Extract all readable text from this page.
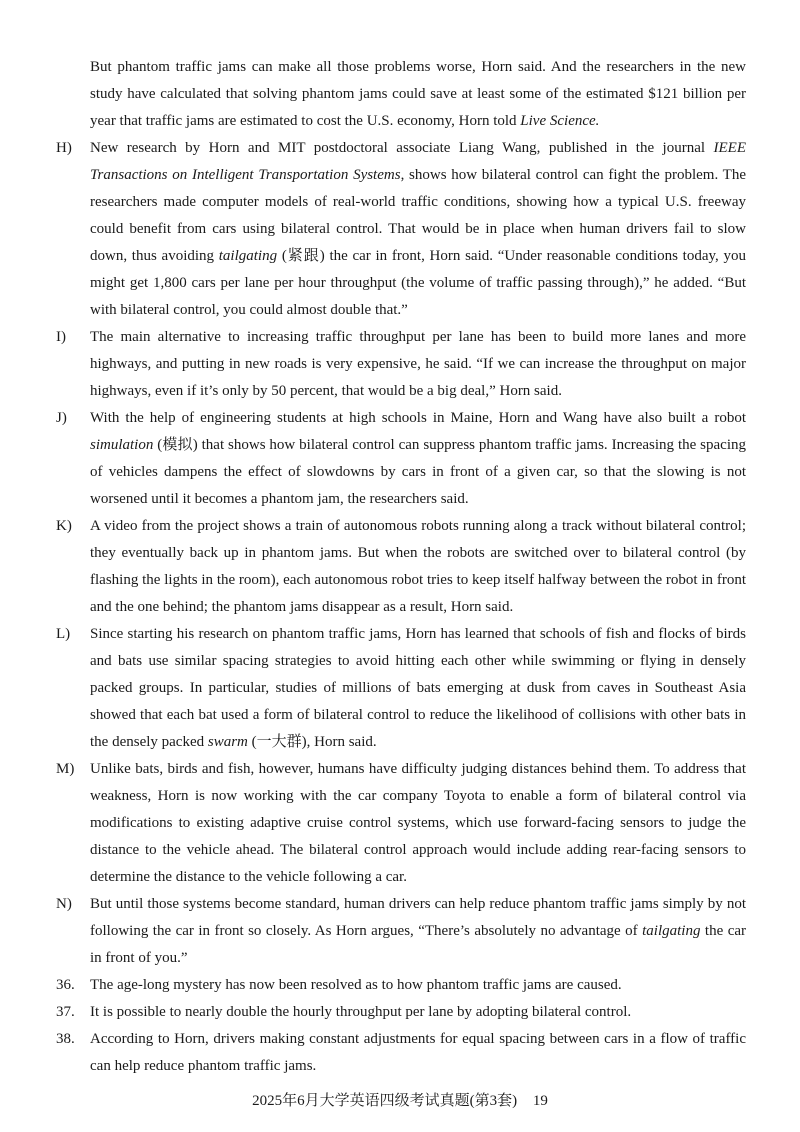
But phantom traffic jams can make all those problems worse, Horn said. And the researchers in the new study have calculated that solving phantom jams could save at least some of the estimated $121 billion per year that traffic jams are estimated to cost the U.S. economy, Horn told Live Science.

H) New research by Horn and MIT postdoctoral associate Liang Wang, published in the journal IEEE Transactions on Intelligent Transportation Systems, shows how bilateral control can fight the problem. The researchers made computer models of real-world traffic conditions, showing how a typical U.S. freeway could benefit from cars using bilateral control. That would be in place when human drivers fail to slow down, thus avoiding tailgating (紧跟) the car in front, Horn said. “Under reasonable conditions today, you might get 1,800 cars per lane per hour throughput (the volume of traffic passing through),” he added. “But with bilateral control, you could almost double that.”

I) The main alternative to increasing traffic throughput per lane has been to build more lanes and more highways, and putting in new roads is very expensive, he said. “If we can increase the throughput on major highways, even if it’s only by 50 percent, that would be a big deal,” Horn said.

J) With the help of engineering students at high schools in Maine, Horn and Wang have also built a robot simulation (模拟) that shows how bilateral control can suppress phantom traffic jams. Increasing the spacing of vehicles dampens the effect of slowdowns by cars in front of a given car, so that the slowing is not worsened until it becomes a phantom jam, the researchers said.

K) A video from the project shows a train of autonomous robots running along a track without bilateral control; they eventually back up in phantom jams. But when the robots are switched over to bilateral control (by flashing the lights in the room), each autonomous robot tries to keep itself halfway between the robot in front and the one behind; the phantom jams disappear as a result, Horn said.

L) Since starting his research on phantom traffic jams, Horn has learned that schools of fish and flocks of birds and bats use similar spacing strategies to avoid hitting each other while swimming or flying in densely packed groups. In particular, studies of millions of bats emerging at dusk from caves in Southeast Asia showed that each bat used a form of bilateral control to reduce the likelihood of collisions with other bats in the densely packed swarm (一大群), Horn said.

M) Unlike bats, birds and fish, however, humans have difficulty judging distances behind them. To address that weakness, Horn is now working with the car company Toyota to enable a form of bilateral control via modifications to existing adaptive cruise control systems, which use forward-facing sensors to judge the distance to the vehicle ahead. The bilateral control approach would include adding rear-facing sensors to determine the distance to the vehicle following a car.

N) But until those systems become standard, human drivers can help reduce phantom traffic jams simply by not following the car in front so closely. As Horn argues, “There’s absolutely no advantage of tailgating the car in front of you.”

36. The age-long mystery has now been resolved as to how phantom traffic jams are caused.

37. It is possible to nearly double the hourly throughput per lane by adopting bilateral control.

38. According to Horn, drivers making constant adjustments for equal spacing between cars in a flow of traffic can help reduce phantom traffic jams.

2025年6月大学英语四级考试真题(第3套) 19
